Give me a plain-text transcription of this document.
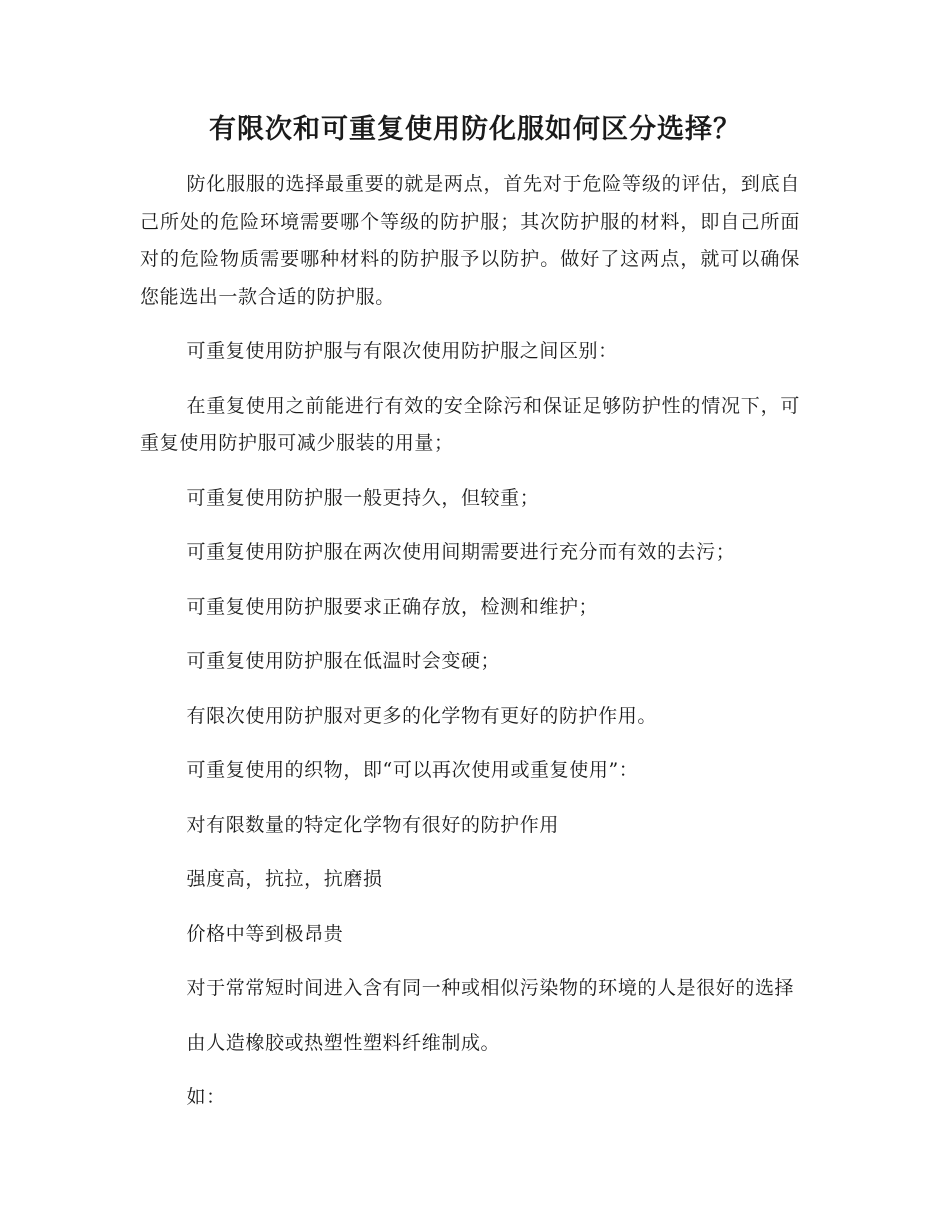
有限次和可重复使用防化服如何区分选择？

防化服服的选择最重要的就是两点，首先对于危险等级的评估，到底自己所处的危险环境需要哪个等级的防护服；其次防护服的材料，即自己所面对的危险物质需要哪种材料的防护服予以防护。做好了这两点，就可以确保您能选出一款合适的防护服。

可重复使用防护服与有限次使用防护服之间区别：

在重复使用之前能进行有效的安全除污和保证足够防护性的情况下，可重复使用防护服可减少服装的用量；

可重复使用防护服一般更持久，但较重；

可重复使用防护服在两次使用间期需要进行充分而有效的去污；

可重复使用防护服要求正确存放，检测和维护；

可重复使用防护服在低温时会变硬；

有限次使用防护服对更多的化学物有更好的防护作用。

可重复使用的织物，即“可以再次使用或重复使用”：

对有限数量的特定化学物有很好的防护作用

强度高，抗拉，抗磨损

价格中等到极昂贵

对于常常短时间进入含有同一种或相似污染物的环境的人是很好的选择

由人造橡胶或热塑性塑料纤维制成。

如：
